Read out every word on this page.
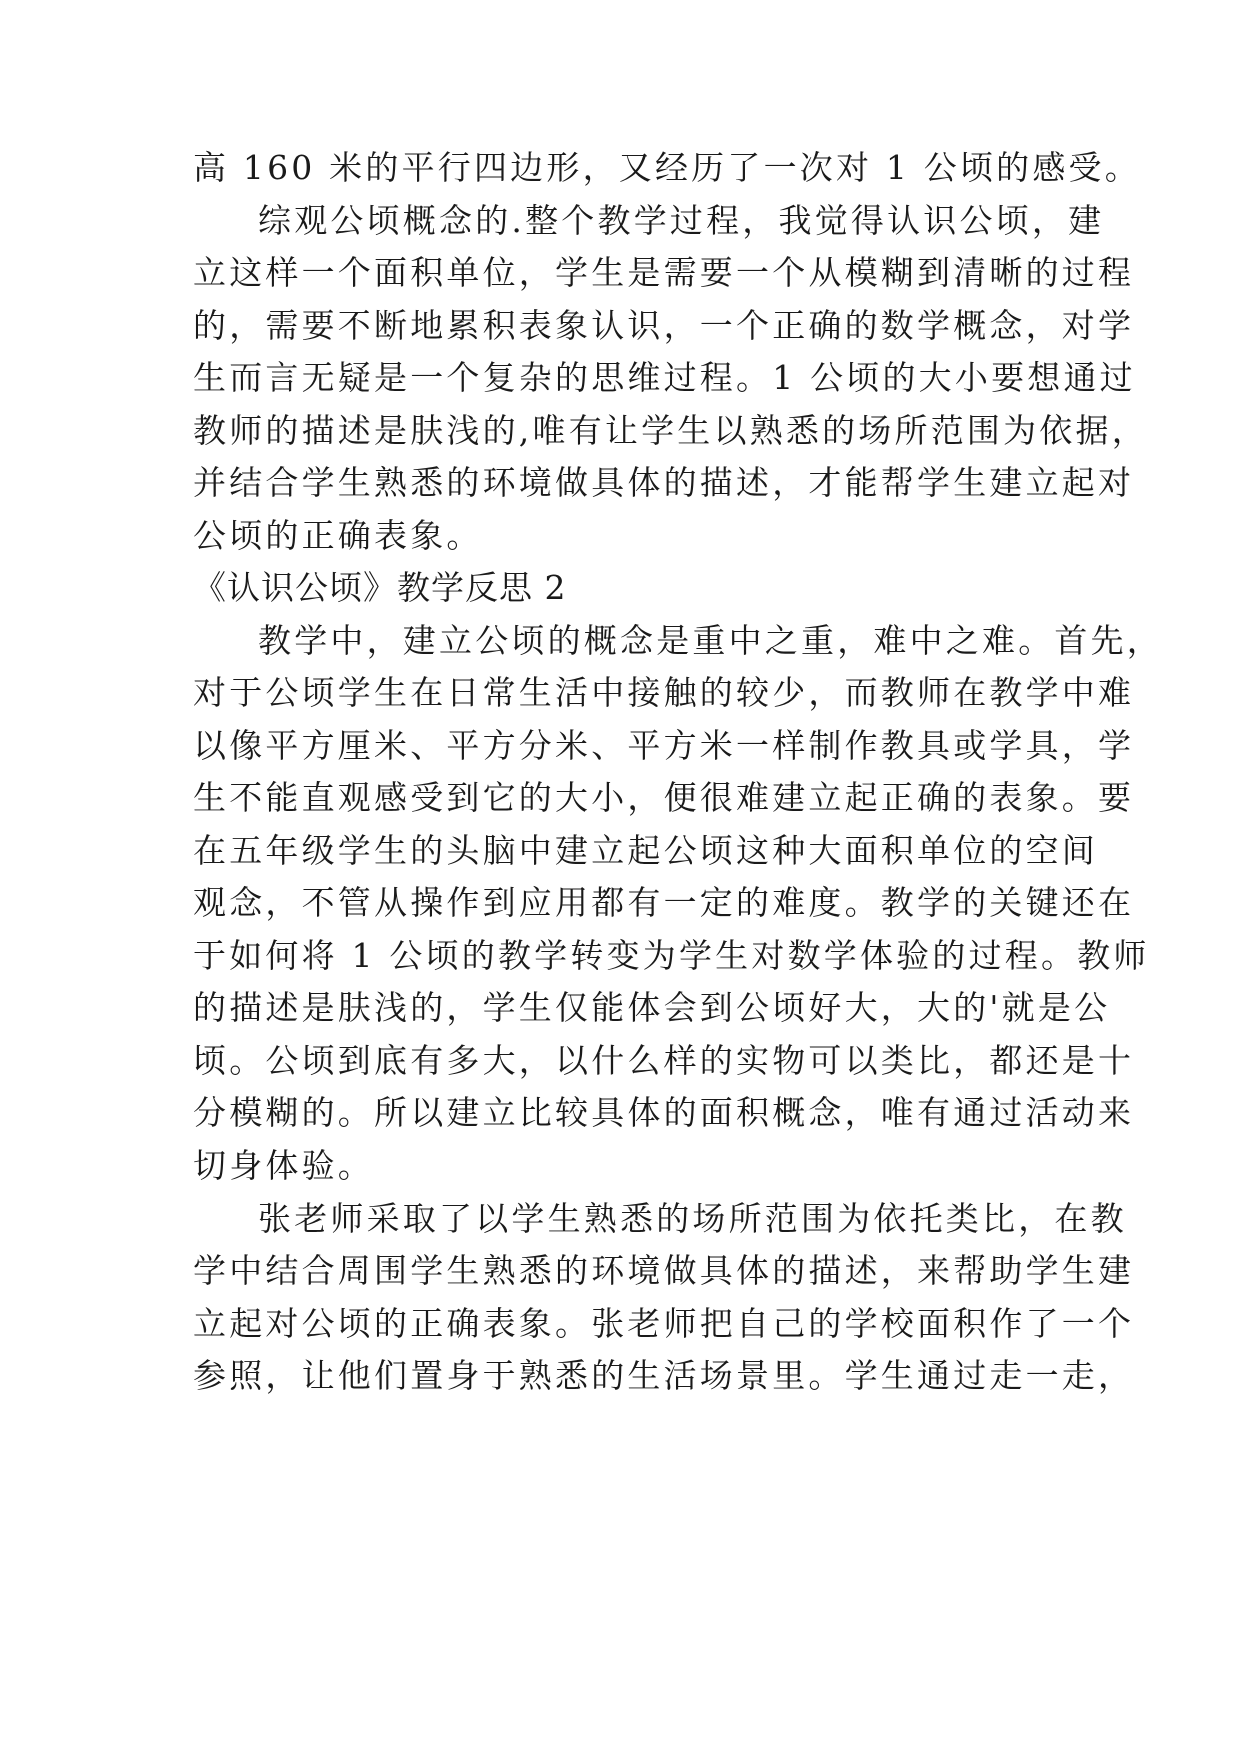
高 160 米的平行四边形，又经历了一次对 1 公顷的感受。
综观公顷概念的.整个教学过程，我觉得认识公顷，建
立这样一个面积单位，学生是需要一个从模糊到清晰的过程
的，需要不断地累积表象认识，一个正确的数学概念，对学
生而言无疑是一个复杂的思维过程。1 公顷的大小要想通过
教师的描述是肤浅的,唯有让学生以熟悉的场所范围为依据，
并结合学生熟悉的环境做具体的描述，才能帮学生建立起对
公顷的正确表象。
《认识公顷》教学反思 2
教学中，建立公顷的概念是重中之重，难中之难。首先，
对于公顷学生在日常生活中接触的较少，而教师在教学中难
以像平方厘米、平方分米、平方米一样制作教具或学具，学
生不能直观感受到它的大小，便很难建立起正确的表象。要
在五年级学生的头脑中建立起公顷这种大面积单位的空间
观念，不管从操作到应用都有一定的难度。教学的关键还在
于如何将 1 公顷的教学转变为学生对数学体验的过程。教师
的描述是肤浅的，学生仅能体会到公顷好大，大的'就是公
顷。公顷到底有多大，以什么样的实物可以类比，都还是十
分模糊的。所以建立比较具体的面积概念，唯有通过活动来
切身体验。
张老师采取了以学生熟悉的场所范围为依托类比，在教
学中结合周围学生熟悉的环境做具体的描述，来帮助学生建
立起对公顷的正确表象。张老师把自己的学校面积作了一个
参照，让他们置身于熟悉的生活场景里。学生通过走一走，
